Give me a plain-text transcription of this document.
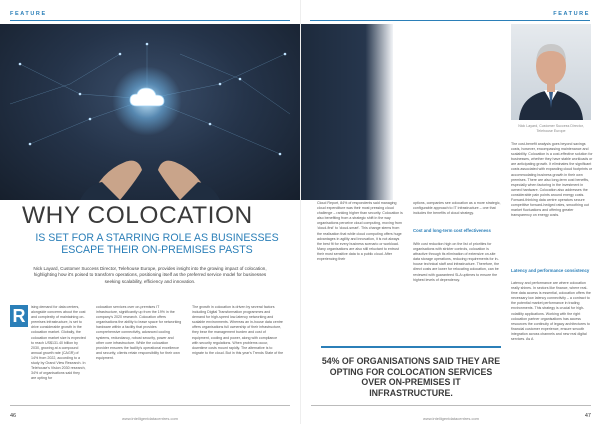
FEATURE
WHY COLOCATION
IS SET FOR A STARRING ROLE AS BUSINESSES ESCAPE THEIR ON-PREMISES PASTS
Nick Layard, Customer Success Director, Telehouse Europe, provides insight into the growing impact of colocation, highlighting how it's poised to transform operations, positioning itself as the preferred service model for businesses seeking scalability, efficiency and innovation.
R	ising demand for data centers, alongside concerns about the cost and complexity of maintaining on-premises infrastructure, is set to drive considerable growth in the colocation market. Globally, the colocation market size is expected to reach US$131.40 billion by 2030, growing at a compound annual growth rate (CAGR) of 14% from 2022, according to a study by Grand View Research. In Telehouse's Vision 2030 research, 34% of organisations said they are opting for
colocation services over on-premises IT infrastructure, significantly up from the 19% in the company's 2020 research. Colocation offers organisations the ability to lease space for networking hardware within a facility that provides comprehensive connectivity, advanced cooling systems, redundancy, robust security, power and other core infrastructure. While the colocation provider ensures the facility's operational excellence and security, clients retain responsibility for their own equipment.
The growth in colocation is driven by several factors including Digital Transformation programmes and demand for high-speed low-latency networking and scalable environments. Whereas an in-house data centre offers organisations full ownership of their infrastructure, they bear the management burden and cost of equipment, cooling and power, along with compliance with security regulations. When problems occur, downtime costs mount rapidly. The alternative is to migrate to the cloud. But in this year's Trends State of the
46	www.intelligentdatacentres.com
FEATURE
Nick Layard, Customer Success Director, Telehouse Europe
Cloud Report, 84% of respondents said managing cloud expenditure was their most pressing cloud challenge – ranking higher than security. Colocation is also benefiting from a strategic shift in the way organisations perceive cloud computing, moving from 'cloud-first' to 'cloud-smart'. This change stems from the realisation that while cloud computing offers huge advantages in agility and innovation, it is not always the best fit for every business scenario or workload. Many organisations are also still reluctant to entrust their most sensitive data to a public cloud. After experiencing their
options, companies see colocation as a more strategic, configurable approach to IT infrastructure – one that includes the benefits of cloud strategy.
Cost and long-term cost effectiveness
With cost reduction high on the list of priorities for organisations with stricter controls, colocation is attractive through its elimination of extensive on-site data storage operations, reducing requirements for in-house technical staff and infrastructure. Therefore, the direct costs are lower for relocating colocation, can be reviewed with guaranteed SLA uptimes to ensure the highest levels of dependency.
The cost-benefit analysis goes beyond savings costs, however, encompassing maintenance and scalability. Colocation is a cost-effective solution for businesses, whether they have stable workloads or are anticipating growth. It eliminates the significant costs associated with expanding cloud footprints or accommodating business growth in their own premises. There are also long-term cost benefits, especially when factoring in the investment in owned hardware. Colocation also addresses the considerable pain points around energy costs. Forward-thinking data centre operators secure competitive forward-hedged rates, smoothing out market fluctuations and offering greater transparency on energy costs.
Latency and performance consistency
Latency and performance are where colocation really shines. In sectors like finance, where real-time data access is essential, colocation offers the necessary low latency connectivity – a contract to the potential market performance in trading environments. This strategy is crucial for high-volatility applications. Working with the right colocation partner organisations has access resources the continuity of legacy architectures to financial customer experience, ensure smooth integration across channels and new real digital services. As A
54% OF ORGANISATIONS SAID THEY ARE OPTING FOR COLOCATION SERVICES OVER ON-PREMISES IT INFRASTRUCTURE.
www.intelligentdatacentres.com	47
